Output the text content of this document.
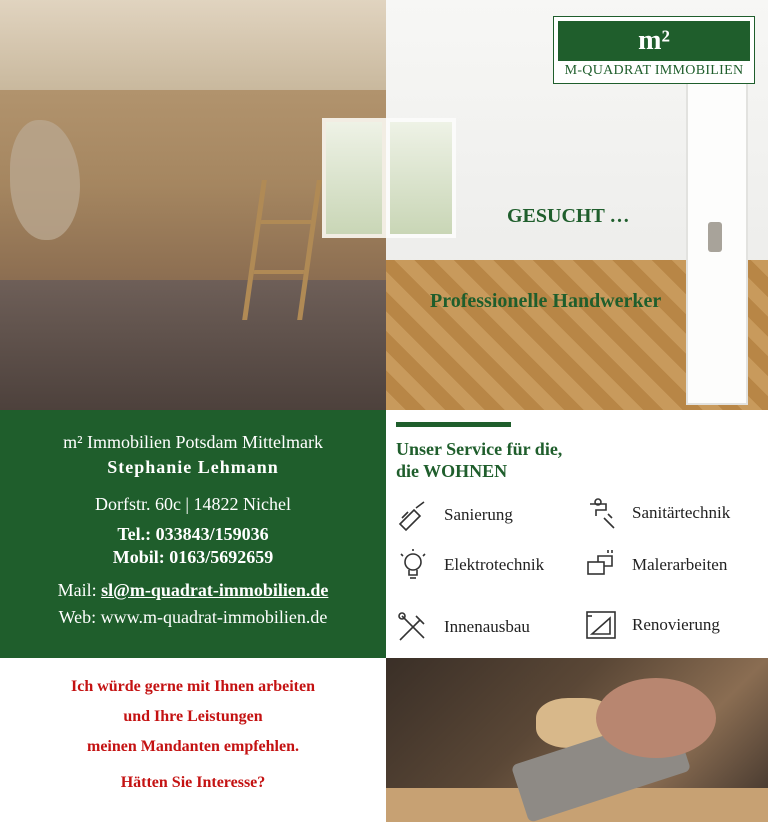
m²
M-QUADRAT IMMOBILIEN
GESUCHT …
Professionelle Handwerker
m² Immobilien Potsdam Mittelmark
Stephanie Lehmann
Dorfstr. 60c | 14822 Nichel
Tel.: 033843/159036
Mobil: 0163/5692659
Mail: sl@m-quadrat-immobilien.de
Web: www.m-quadrat-immobilien.de
Unser Service für die,
die WOHNEN
Sanierung	Sanitärtechnik
Elektrotechnik	Malerarbeiten
Innenausbau	Renovierung
Ich würde gerne mit Ihnen arbeiten
und Ihre Leistungen
meinen Mandanten empfehlen.
Hätten Sie Interesse?
